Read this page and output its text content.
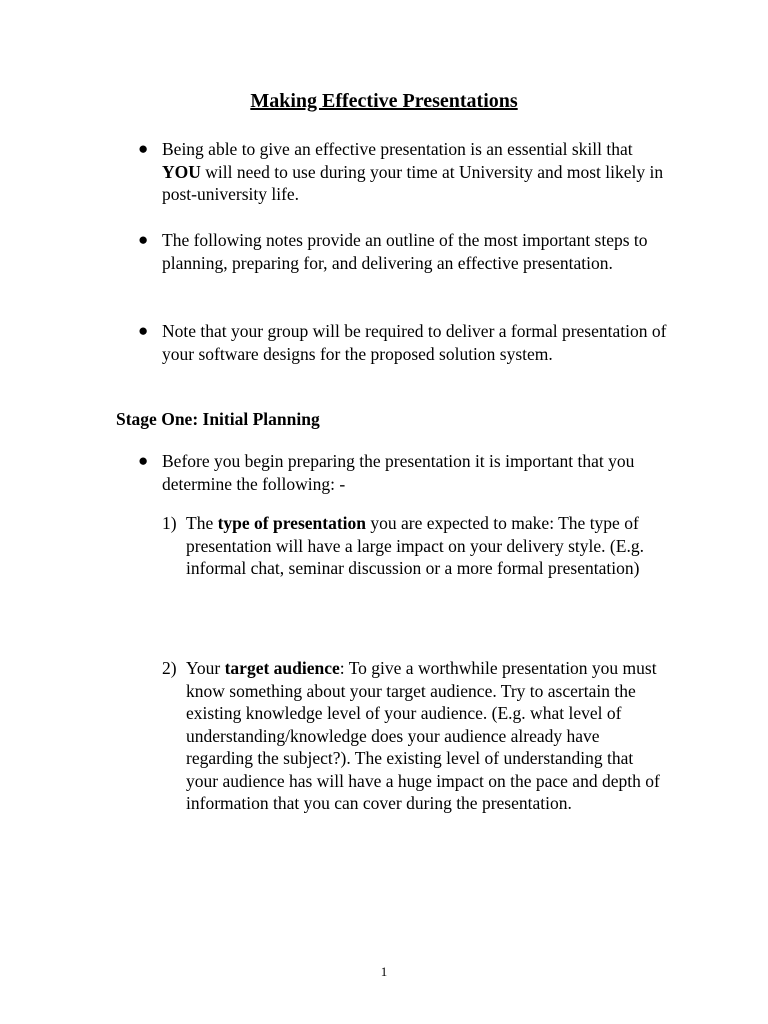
Making Effective Presentations
● Being able to give an effective presentation is an essential skill that YOU will need to use during your time at University and most likely in post-university life.
● The following notes provide an outline of the most important steps to planning, preparing for, and delivering an effective presentation.
● Note that your group will be required to deliver a formal presentation of your software designs for the proposed solution system.
Stage One: Initial Planning
● Before you begin preparing the presentation it is important that you determine the following: -
1) The type of presentation you are expected to make: The type of presentation will have a large impact on your delivery style. (E.g. informal chat, seminar discussion or a more formal presentation)
2) Your target audience: To give a worthwhile presentation you must know something about your target audience. Try to ascertain the existing knowledge level of your audience. (E.g. what level of understanding/knowledge does your audience already have regarding the subject?). The existing level of understanding that your audience has will have a huge impact on the pace and depth of information that you can cover during the presentation.
1
